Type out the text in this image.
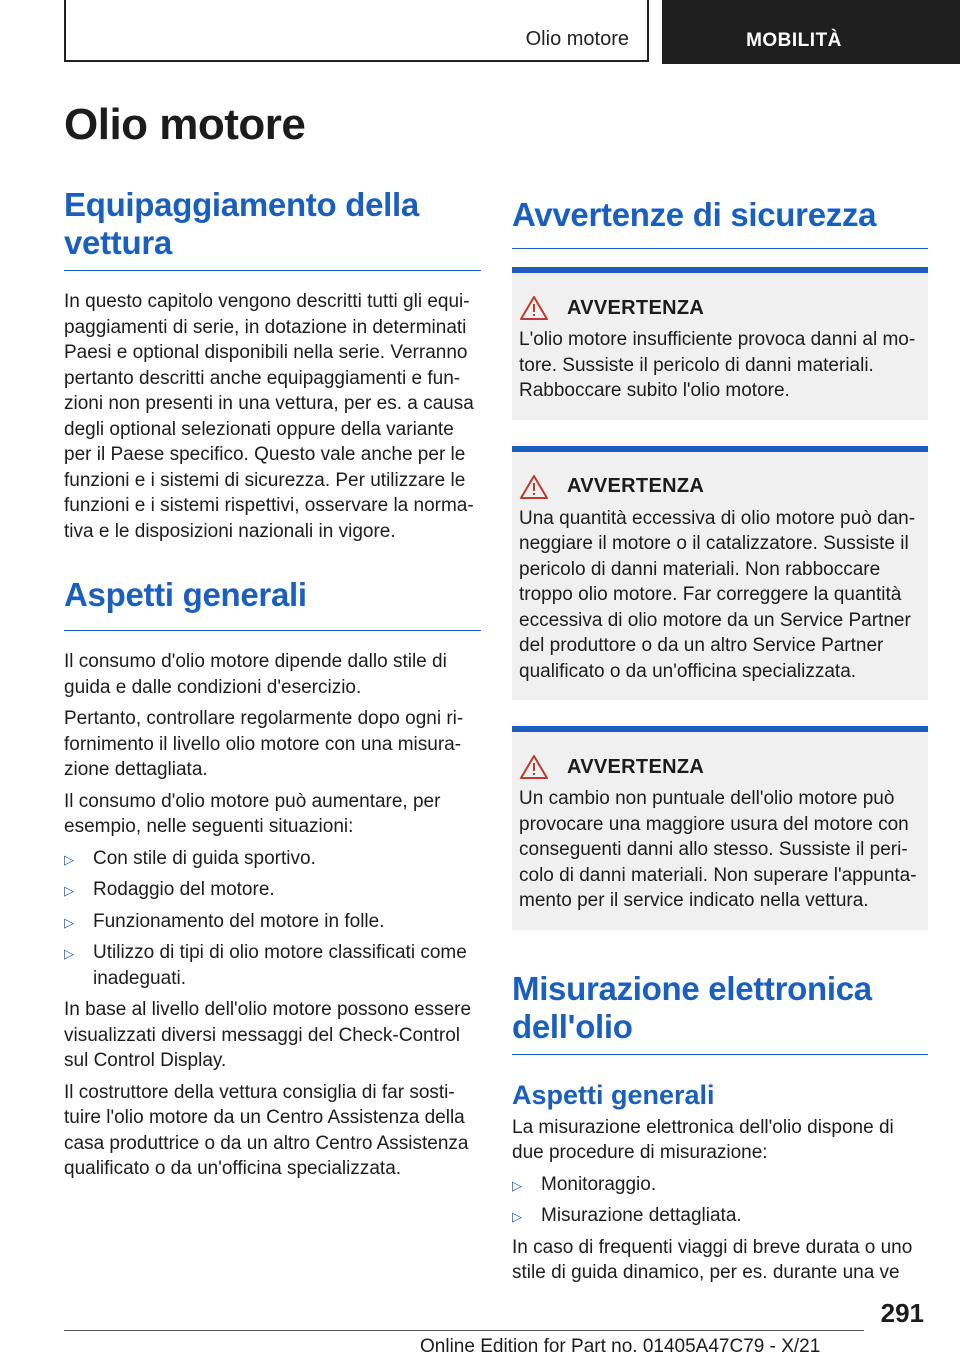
Olio motore	MOBILITÀ
Olio motore
Equipaggiamento della vettura

In questo capitolo vengono descritti tutti gli equipaggiamenti di serie, in dotazione in determinati Paesi e optional disponibili nella serie. Verranno pertanto descritti anche equipaggiamenti e funzioni non presenti in una vettura, per es. a causa degli optional selezionati oppure della variante per il Paese specifico. Questo vale anche per le funzioni e i sistemi di sicurezza. Per utilizzare le funzioni e i sistemi rispettivi, osservare la normativa e le disposizioni nazionali in vigore.

Aspetti generali

Il consumo d'olio motore dipende dallo stile di guida e dalle condizioni d'esercizio.

Pertanto, controllare regolarmente dopo ogni rifornimento il livello olio motore con una misurazione dettagliata.

Il consumo d'olio motore può aumentare, per esempio, nelle seguenti situazioni:

▷ Con stile di guida sportivo.
▷ Rodaggio del motore.
▷ Funzionamento del motore in folle.
▷ Utilizzo di tipi di olio motore classificati come inadeguati.

In base al livello dell'olio motore possono essere visualizzati diversi messaggi del Check-Control sul Control Display.

Il costruttore della vettura consiglia di far sostituire l'olio motore da un Centro Assistenza della casa produttrice o da un altro Centro Assistenza qualificato o da un'officina specializzata.

Avvertenze di sicurezza
AVVERTENZA

L'olio motore insufficiente provoca danni al motore. Sussiste il pericolo di danni materiali. Rabboccare subito l'olio motore.

AVVERTENZA

Una quantità eccessiva di olio motore può danneggiare il motore o il catalizzatore. Sussiste il pericolo di danni materiali. Non rabboccare troppo olio motore. Far correggere la quantità eccessiva di olio motore da un Service Partner del produttore o da un altro Service Partner qualificato o da un'officina specializzata.

AVVERTENZA

Un cambio non puntuale dell'olio motore può provocare una maggiore usura del motore con conseguenti danni allo stesso. Sussiste il pericolo di danni materiali. Non superare l'appuntamento per il service indicato nella vettura.

Misurazione elettronica dell'olio
Aspetti generali

La misurazione elettronica dell'olio dispone di due procedure di misurazione:

▷ Monitoraggio.
▷ Misurazione dettagliata.

In caso di frequenti viaggi di breve durata o uno stile di guida dinamico, per es. durante una ve

291
Online Edition for Part no. 01405A47C79 - X/21
